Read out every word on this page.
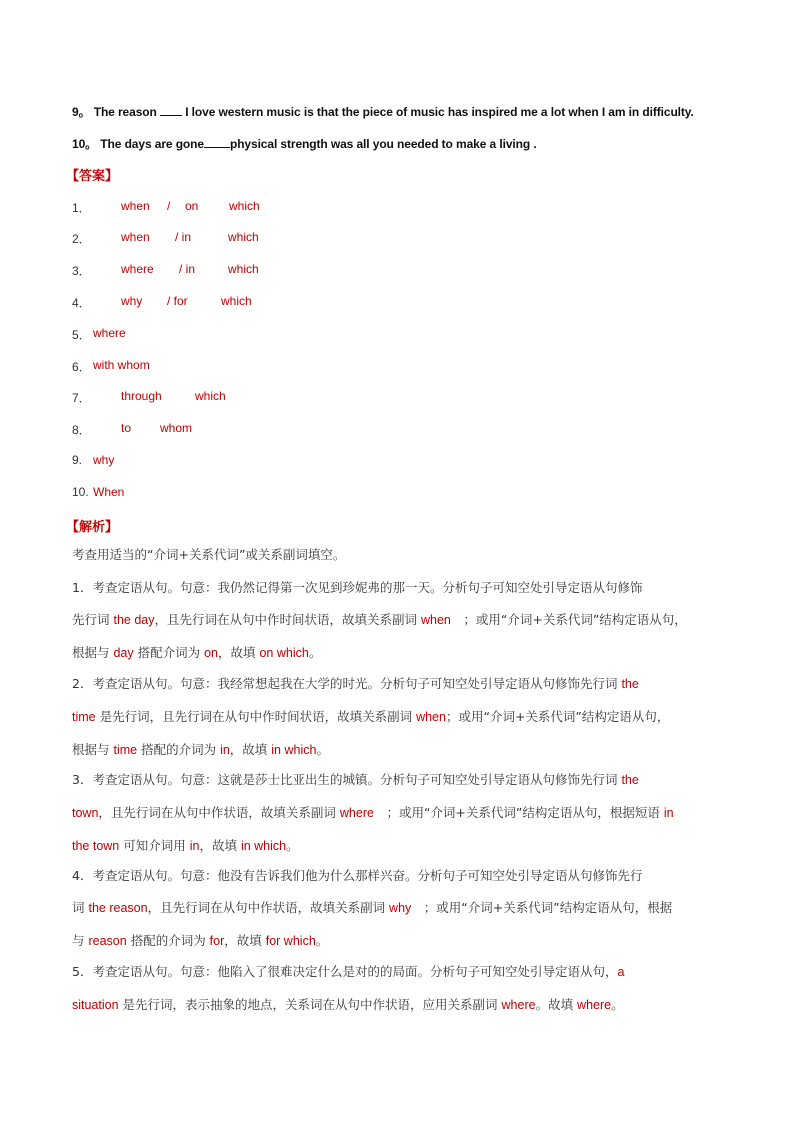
9。 The reason I love western music is that the piece of music has inspired me a lot when I am in difficulty.
10。 The days are gone physical strength was all you needed to make a living .
【答案】
1．	when / on	which
2．	when / in	which
3．	where / in	which
4．	why / for	which
5． where
6． with whom
7．	through	which
8．	to whom
9. why
10. When
【解析】
考查用适当的“介词+关系代词”或关系副词填空。
1．考查定语从句。句意：我仍然记得第一次见到珍妮弗的那一天。分析句子可知空处引导定语从句修饰
先行词 the day，且先行词在从句中作时间状语，故填关系副词 when　；或用“介词+关系代词”结构定语从句，
根据与 day 搭配介词为 on，故填 on which。
2．考查定语从句。句意：我经常想起我在大学的时光。分析句子可知空处引导定语从句修饰先行词 the
time 是先行词，且先行词在从句中作时间状语，故填关系副词 when；或用“介词+关系代词”结构定语从句，
根据与 time 搭配的介词为 in，故填 in which。
3．考查定语从句。句意：这就是莎士比亚出生的城镇。分析句子可知空处引导定语从句修饰先行词 the
town，且先行词在从句中作状语，故填关系副词 where　；或用“介词+关系代词”结构定语从句，根据短语 in
the town 可知介词用 in，故填 in which。
4．考查定语从句。句意：他没有告诉我们他为什么那样兴奋。分析句子可知空处引导定语从句修饰先行
词 the reason，且先行词在从句中作状语，故填关系副词 why　；或用“介词+关系代词”结构定语从句，根据
与 reason 搭配的介词为 for，故填 for which。
5．考查定语从句。句意：他陷入了很难决定什么是对的的局面。分析句子可知空处引导定语从句，a
situation 是先行词，表示抽象的地点，关系词在从句中作状语，应用关系副词 where。故填 where。
